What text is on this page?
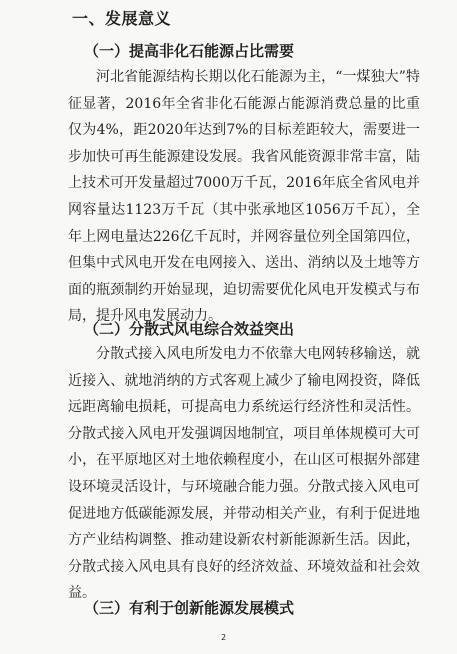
一、发展意义
（一）提高非化石能源占比需要

河北省能源结构长期以化石能源为主，“一煤独大”特征显著，2016年全省非化石能源占能源消费总量的比重仅为4%，距2020年达到7%的目标差距较大，需要进一步加快可再生能源建设发展。我省风能资源非常丰富，陆上技术可开发量超过7000万千瓦，2016年底全省风电并网容量达1123万千瓦（其中张承地区1056万千瓦），全年上网电量达226亿千瓦时，并网容量位列全国第四位，但集中式风电开发在电网接入、送出、消纳以及土地等方面的瓶颈制约开始显现，迫切需要优化风电开发模式与布局，提升风电发展动力。

（二）分散式风电综合效益突出

分散式接入风电所发电力不依靠大电网转移输送，就近接入、就地消纳的方式客观上减少了输电网投资，降低远距离输电损耗，可提高电力系统运行经济性和灵活性。分散式接入风电开发强调因地制宜，项目单体规模可大可小，在平原地区对土地依赖程度小，在山区可根据外部建设环境灵活设计，与环境融合能力强。分散式接入风电可促进地方低碳能源发展，并带动相关产业，有利于促进地方产业结构调整、推动建设新农村新能源新生活。因此，分散式接入风电具有良好的经济效益、环境效益和社会效益。

（三）有利于创新能源发展模式
2
